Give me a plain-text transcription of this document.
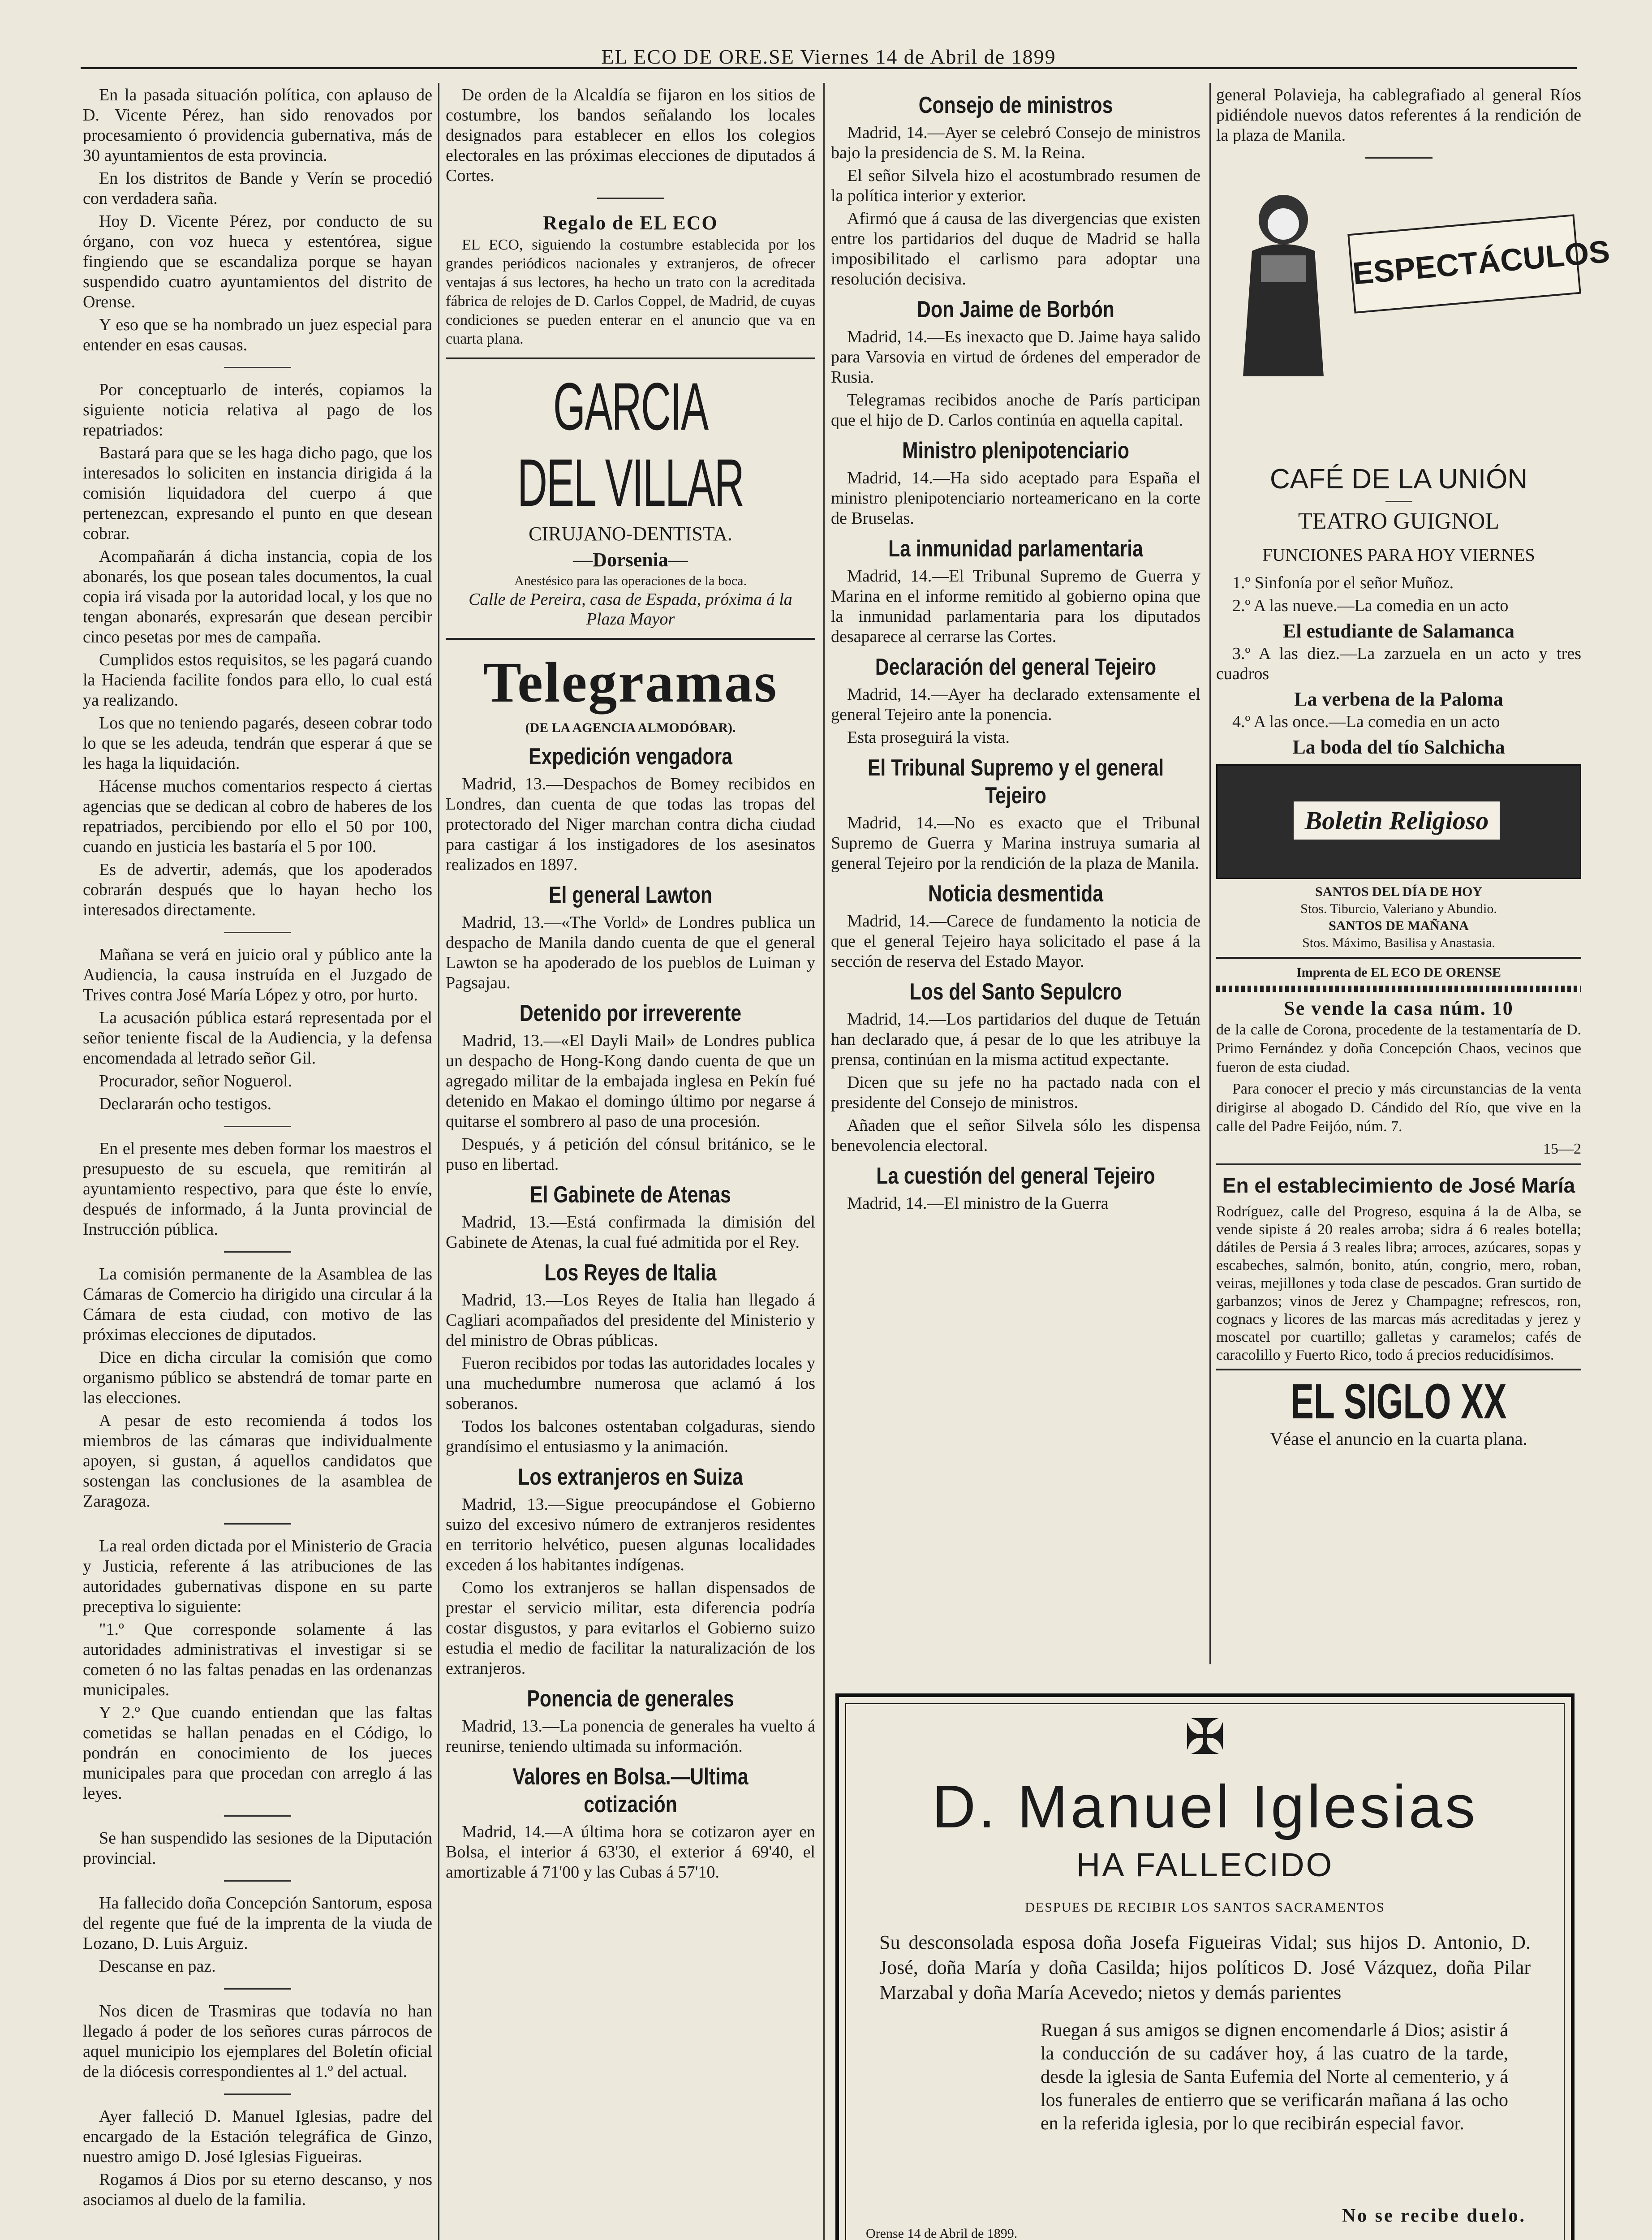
EL ECO DE ORE.SE Viernes 14 de Abril de 1899

En la pasada situación política, con aplauso de D. Vicente Pérez, han sido renovados por procesamiento ó providencia gubernativa, más de 30 ayuntamientos de esta provincia.

En los distritos de Bande y Verín se procedió con verdadera saña.

Hoy D. Vicente Pérez, por conducto de su órgano, con voz hueca y estentórea, sigue fingiendo que se escandaliza porque se hayan suspendido cuatro ayuntamientos del distrito de Orense.

Y eso que se ha nombrado un juez especial para entender en esas causas.

Por conceptuarlo de interés, copiamos la siguiente noticia relativa al pago de los repatriados:

Bastará para que se les haga dicho pago, que los interesados lo soliciten en instancia dirigida á la comisión liquidadora del cuerpo á que pertenezcan, expresando el punto en que desean cobrar.

Acompañarán á dicha instancia, copia de los abonarés, los que posean tales documentos, la cual copia irá visada por la autoridad local, y los que no tengan abonarés, expresarán que desean percibir cinco pesetas por mes de campaña.

Cumplidos estos requisitos, se les pagará cuando la Hacienda facilite fondos para ello, lo cual está ya realizando.

Los que no teniendo pagarés, deseen cobrar todo lo que se les adeuda, tendrán que esperar á que se les haga la liquidación.

Hácense muchos comentarios respecto á ciertas agencias que se dedican al cobro de haberes de los repatriados, percibiendo por ello el 50 por 100, cuando en justicia les bastaría el 5 por 100.

Es de advertir, además, que los apoderados cobrarán después que lo hayan hecho los interesados directamente.

Mañana se verá en juicio oral y público ante la Audiencia, la causa instruída en el Juzgado de Trives contra José María López y otro, por hurto.

La acusación pública estará representada por el señor teniente fiscal de la Audiencia, y la defensa encomendada al letrado señor Gil.

Procurador, señor Noguerol.

Declararán ocho testigos.

En el presente mes deben formar los maestros el presupuesto de su escuela, que remitirán al ayuntamiento respectivo, para que éste lo envíe, después de informado, á la Junta provincial de Instrucción pública.

La comisión permanente de la Asamblea de las Cámaras de Comercio ha dirigido una circular á la Cámara de esta ciudad, con motivo de las próximas elecciones de diputados.

Dice en dicha circular la comisión que como organismo público se abstendrá de tomar parte en las elecciones.

A pesar de esto recomienda á todos los miembros de las cámaras que individualmente apoyen, si gustan, á aquellos candidatos que sostengan las conclusiones de la asamblea de Zaragoza.

La real orden dictada por el Ministerio de Gracia y Justicia, referente á las atribuciones de las autoridades gubernativas dispone en su parte preceptiva lo siguiente:

"1.º Que corresponde solamente á las autoridades administrativas el investigar si se cometen ó no las faltas penadas en las ordenanzas municipales.

Y 2.º Que cuando entiendan que las faltas cometidas se hallan penadas en el Código, lo pondrán en conocimiento de los jueces municipales para que procedan con arreglo á las leyes.

Se han suspendido las sesiones de la Diputación provincial.

Ha fallecido doña Concepción Santorum, esposa del regente que fué de la imprenta de la viuda de Lozano, D. Luis Arguiz.

Descanse en paz.

Nos dicen de Trasmiras que todavía no han llegado á poder de los señores curas párrocos de aquel municipio los ejemplares del Boletín oficial de la diócesis correspondientes al 1.º del actual.

Ayer falleció D. Manuel Iglesias, padre del encargado de la Estación telegráfica de Ginzo, nuestro amigo D. José Iglesias Figueiras.

Rogamos á Dios por su eterno descanso, y nos asociamos al duelo de la familia.

De orden de la Alcaldía se fijaron en los sitios de costumbre, los bandos señalando los locales designados para establecer en ellos los colegios electorales en las próximas elecciones de diputados á Cortes.

Regalo de EL ECO

EL ECO, siguiendo la costumbre establecida por los grandes periódicos nacionales y extranjeros, de ofrecer ventajas á sus lectores, ha hecho un trato con la acreditada fábrica de relojes de D. Carlos Coppel, de Madrid, de cuyas condiciones se pueden enterar en el anuncio que va en cuarta plana.

GARCIA DEL VILLAR
CIRUJANO-DENTISTA.
—Dorsenia—
Anestésico para las operaciones de la boca.
Calle de Pereira, casa de Espada, próxima á la Plaza Mayor
Telegramas
(DE LA AGENCIA ALMODÓBAR).
Expedición vengadora

Madrid, 13.—Despachos de Bomey recibidos en Londres, dan cuenta de que todas las tropas del protectorado del Niger marchan contra dicha ciudad para castigar á los instigadores de los asesinatos realizados en 1897.

El general Lawton

Madrid, 13.—«The Vorld» de Londres publica un despacho de Manila dando cuenta de que el general Lawton se ha apoderado de los pueblos de Luiman y Pagsajau.

Detenido por irreverente

Madrid, 13.—«El Dayli Mail» de Londres publica un despacho de Hong-Kong dando cuenta de que un agregado militar de la embajada inglesa en Pekín fué detenido en Makao el domingo último por negarse á quitarse el sombrero al paso de una procesión.

Después, y á petición del cónsul británico, se le puso en libertad.

El Gabinete de Atenas

Madrid, 13.—Está confirmada la dimisión del Gabinete de Atenas, la cual fué admitida por el Rey.

Los Reyes de Italia

Madrid, 13.—Los Reyes de Italia han llegado á Cagliari acompañados del presidente del Ministerio y del ministro de Obras públicas.

Fueron recibidos por todas las autoridades locales y una muchedumbre numerosa que aclamó á los soberanos.

Todos los balcones ostentaban colgaduras, siendo grandísimo el entusiasmo y la animación.

Los extranjeros en Suiza

Madrid, 13.—Sigue preocupándose el Gobierno suizo del excesivo número de extranjeros residentes en territorio helvético, puesen algunas localidades exceden á los habitantes indígenas.

Como los extranjeros se hallan dispensados de prestar el servicio militar, esta diferencia podría costar disgustos, y para evitarlos el Gobierno suizo estudia el medio de facilitar la naturalización de los extranjeros.

Ponencia de generales

Madrid, 13.—La ponencia de generales ha vuelto á reunirse, teniendo ultimada su información.

Valores en Bolsa.—Ultima cotización

Madrid, 14.—A última hora se cotizaron ayer en Bolsa, el interior á 63'30, el exterior á 69'40, el amortizable á 71'00 y las Cubas á 57'10.

Consejo de ministros

Madrid, 14.—Ayer se celebró Consejo de ministros bajo la presidencia de S. M. la Reina.

El señor Silvela hizo el acostumbrado resumen de la política interior y exterior.

Afirmó que á causa de las divergencias que existen entre los partidarios del duque de Madrid se halla imposibilitado el carlismo para adoptar una resolución decisiva.

Don Jaime de Borbón

Madrid, 14.—Es inexacto que D. Jaime haya salido para Varsovia en virtud de órdenes del emperador de Rusia.

Telegramas recibidos anoche de París participan que el hijo de D. Carlos continúa en aquella capital.

Ministro plenipotenciario

Madrid, 14.—Ha sido aceptado para España el ministro plenipotenciario norteamericano en la corte de Bruselas.

La inmunidad parlamentaria

Madrid, 14.—El Tribunal Supremo de Guerra y Marina en el informe remitido al gobierno opina que la inmunidad parlamentaria para los diputados desaparece al cerrarse las Cortes.

Declaración del general Tejeiro

Madrid, 14.—Ayer ha declarado extensamente el general Tejeiro ante la ponencia.

Esta proseguirá la vista.

El Tribunal Supremo y el general Tejeiro

Madrid, 14.—No es exacto que el Tribunal Supremo de Guerra y Marina instruya sumaria al general Tejeiro por la rendición de la plaza de Manila.

Noticia desmentida

Madrid, 14.—Carece de fundamento la noticia de que el general Tejeiro haya solicitado el pase á la sección de reserva del Estado Mayor.

Los del Santo Sepulcro

Madrid, 14.—Los partidarios del duque de Tetuán han declarado que, á pesar de lo que les atribuye la prensa, continúan en la misma actitud expectante.

Dicen que su jefe no ha pactado nada con el presidente del Consejo de ministros.

Añaden que el señor Silvela sólo les dispensa benevolencia electoral.

La cuestión del general Tejeiro

Madrid, 14.—El ministro de la Guerra

general Polavieja, ha cablegrafiado al general Ríos pidiéndole nuevos datos referentes á la rendición de la plaza de Manila.

ESPECTÁCULOS
CAFÉ DE LA UNIÓN
TEATRO GUIGNOL
FUNCIONES PARA HOY VIERNES

1.º Sinfonía por el señor Muñoz.

2.º A las nueve.—La comedia en un acto

El estudiante de Salamanca

3.º A las diez.—La zarzuela en un acto y tres cuadros

La verbena de la Paloma

4.º A las once.—La comedia en un acto

La boda del tío Salchicha
Boletin Religioso
SANTOS DEL DÍA DE HOY
Stos. Tiburcio, Valeriano y Abundio.
SANTOS DE MAÑANA
Stos. Máximo, Basilisa y Anastasia.
Imprenta de EL ECO DE ORENSE
Se vende la casa núm. 10

de la calle de Corona, procedente de la testamentaría de D. Primo Fernández y doña Concepción Chaos, vecinos que fueron de esta ciudad.

Para conocer el precio y más circunstancias de la venta dirigirse al abogado D. Cándido del Río, que vive en la calle del Padre Feijóo, núm. 7.

15—2
En el establecimiento de José María

Rodríguez, calle del Progreso, esquina á la de Alba, se vende sipiste á 20 reales arroba; sidra á 6 reales botella; dátiles de Persia á 3 reales libra; arroces, azúcares, sopas y escabeches, salmón, bonito, atún, congrio, mero, roban, veiras, mejillones y toda clase de pescados. Gran surtido de garbanzos; vinos de Jerez y Champagne; refrescos, ron, cognacs y licores de las marcas más acreditadas y jerez y moscatel por cuartillo; galletas y caramelos; cafés de caracolillo y Fuerto Rico, todo á precios reducidísimos.

EL SIGLO XX
Véase el anuncio en la cuarta plana.
✠
D. Manuel Iglesias
HA FALLECIDO
DESPUES DE RECIBIR LOS SANTOS SACRAMENTOS
Su desconsolada esposa doña Josefa Figueiras Vidal; sus hijos D. Antonio, D. José, doña María y doña Casilda; hijos políticos D. José Vázquez, doña Pilar Marzabal y doña María Acevedo; nietos y demás parientes
Ruegan á sus amigos se dignen encomendarle á Dios; asistir á la conducción de su cadáver hoy, á las cuatro de la tarde, desde la iglesia de Santa Eufemia del Norte al cementerio, y á los funerales de entierro que se verificarán mañana á las ocho en la referida iglesia, por lo que recibirán especial favor.
No se recibe duelo.
Orense 14 de Abril de 1899.
